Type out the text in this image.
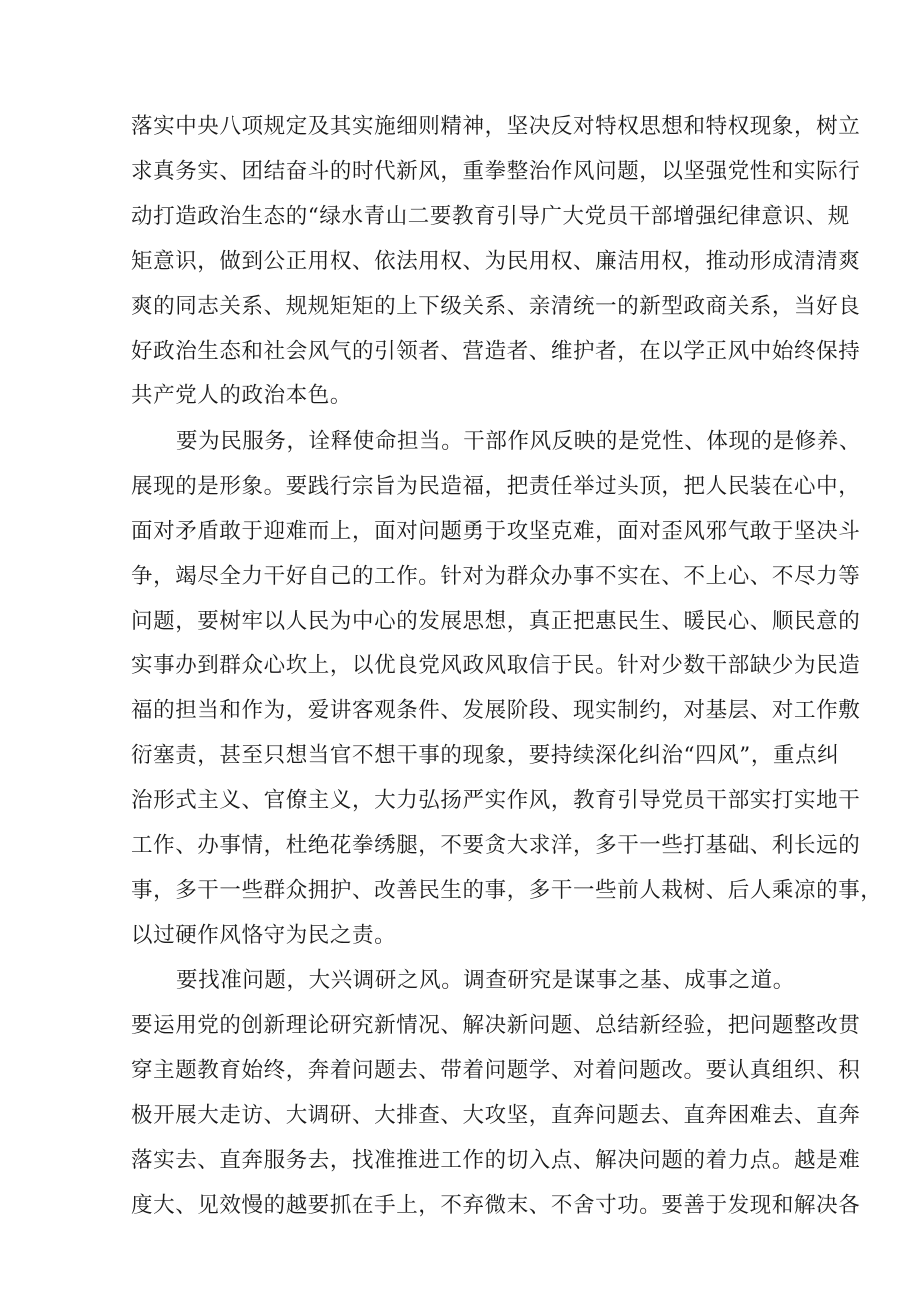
落实中央八项规定及其实施细则精神，坚决反对特权思想和特权现象，树立
求真务实、团结奋斗的时代新风，重拳整治作风问题，以坚强党性和实际行
动打造政治生态的“绿水青山二要教育引导广大党员干部增强纪律意识、规
矩意识，做到公正用权、依法用权、为民用权、廉洁用权，推动形成清清爽
爽的同志关系、规规矩矩的上下级关系、亲清统一的新型政商关系，当好良
好政治生态和社会风气的引领者、营造者、维护者，在以学正风中始终保持
共产党人的政治本色。
要为民服务，诠释使命担当。干部作风反映的是党性、体现的是修养、
展现的是形象。要践行宗旨为民造福，把责任举过头顶，把人民装在心中，
面对矛盾敢于迎难而上，面对问题勇于攻坚克难，面对歪风邪气敢于坚决斗
争，竭尽全力干好自己的工作。针对为群众办事不实在、不上心、不尽力等
问题，要树牢以人民为中心的发展思想，真正把惠民生、暖民心、顺民意的
实事办到群众心坎上，以优良党风政风取信于民。针对少数干部缺少为民造
福的担当和作为，爱讲客观条件、发展阶段、现实制约，对基层、对工作敷
衍塞责，甚至只想当官不想干事的现象，要持续深化纠治“四风”，重点纠
治形式主义、官僚主义，大力弘扬严实作风，教育引导党员干部实打实地干
工作、办事情，杜绝花拳绣腿，不要贪大求洋，多干一些打基础、利长远的
事，多干一些群众拥护、改善民生的事，多干一些前人栽树、后人乘凉的事，
以过硬作风恪守为民之责。
要找准问题，大兴调研之风。调查研究是谋事之基、成事之道。
要运用党的创新理论研究新情况、解决新问题、总结新经验，把问题整改贯
穿主题教育始终，奔着问题去、带着问题学、对着问题改。要认真组织、积
极开展大走访、大调研、大排查、大攻坚，直奔问题去、直奔困难去、直奔
落实去、直奔服务去，找准推进工作的切入点、解决问题的着力点。越是难
度大、见效慢的越要抓在手上，不弃微末、不舍寸功。要善于发现和解决各
